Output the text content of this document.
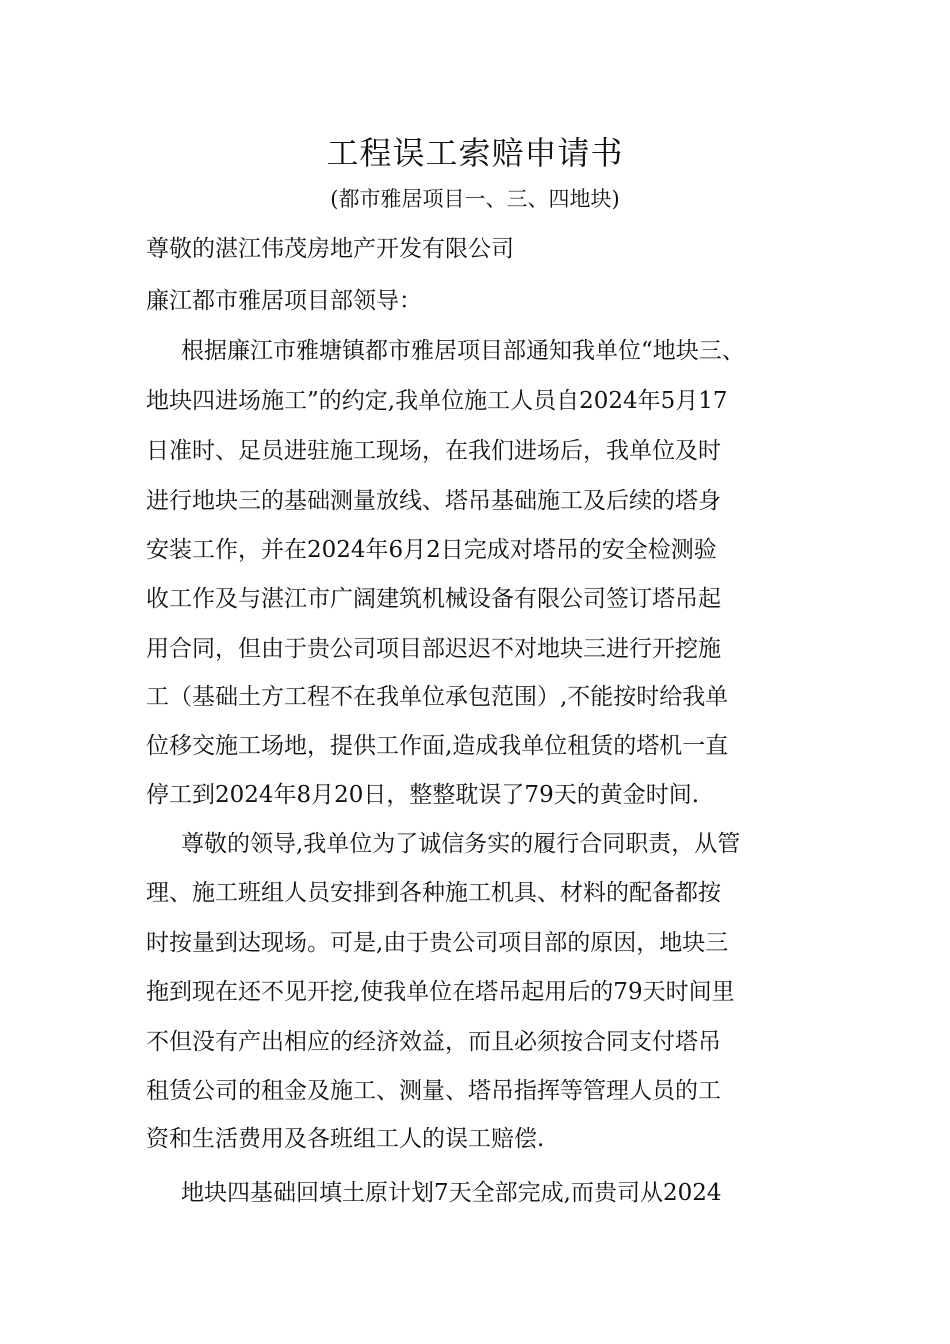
工程误工索赔申请书
(都市雅居项目一、三、四地块)
尊敬的湛江伟茂房地产开发有限公司
廉江都市雅居项目部领导：
根据廉江市雅塘镇都市雅居项目部通知我单位“地块三、
地块四进场施工”的约定,我单位施工人员自2024年5月17
日准时、足员进驻施工现场，在我们进场后，我单位及时
进行地块三的基础测量放线、塔吊基础施工及后续的塔身
安装工作，并在2024年6月2日完成对塔吊的安全检测验
收工作及与湛江市广阔建筑机械设备有限公司签订塔吊起
用合同，但由于贵公司项目部迟迟不对地块三进行开挖施
工（基础土方工程不在我单位承包范围）,不能按时给我单
位移交施工场地，提供工作面,造成我单位租赁的塔机一直
停工到2024年8月20日，整整耽误了79天的黄金时间.
尊敬的领导,我单位为了诚信务实的履行合同职责，从管
理、施工班组人员安排到各种施工机具、材料的配备都按
时按量到达现场。可是,由于贵公司项目部的原因，地块三
拖到现在还不见开挖,使我单位在塔吊起用后的79天时间里
不但没有产出相应的经济效益，而且必须按合同支付塔吊
租赁公司的租金及施工、测量、塔吊指挥等管理人员的工
资和生活费用及各班组工人的误工赔偿.
地块四基础回填土原计划7天全部完成,而贵司从2024
